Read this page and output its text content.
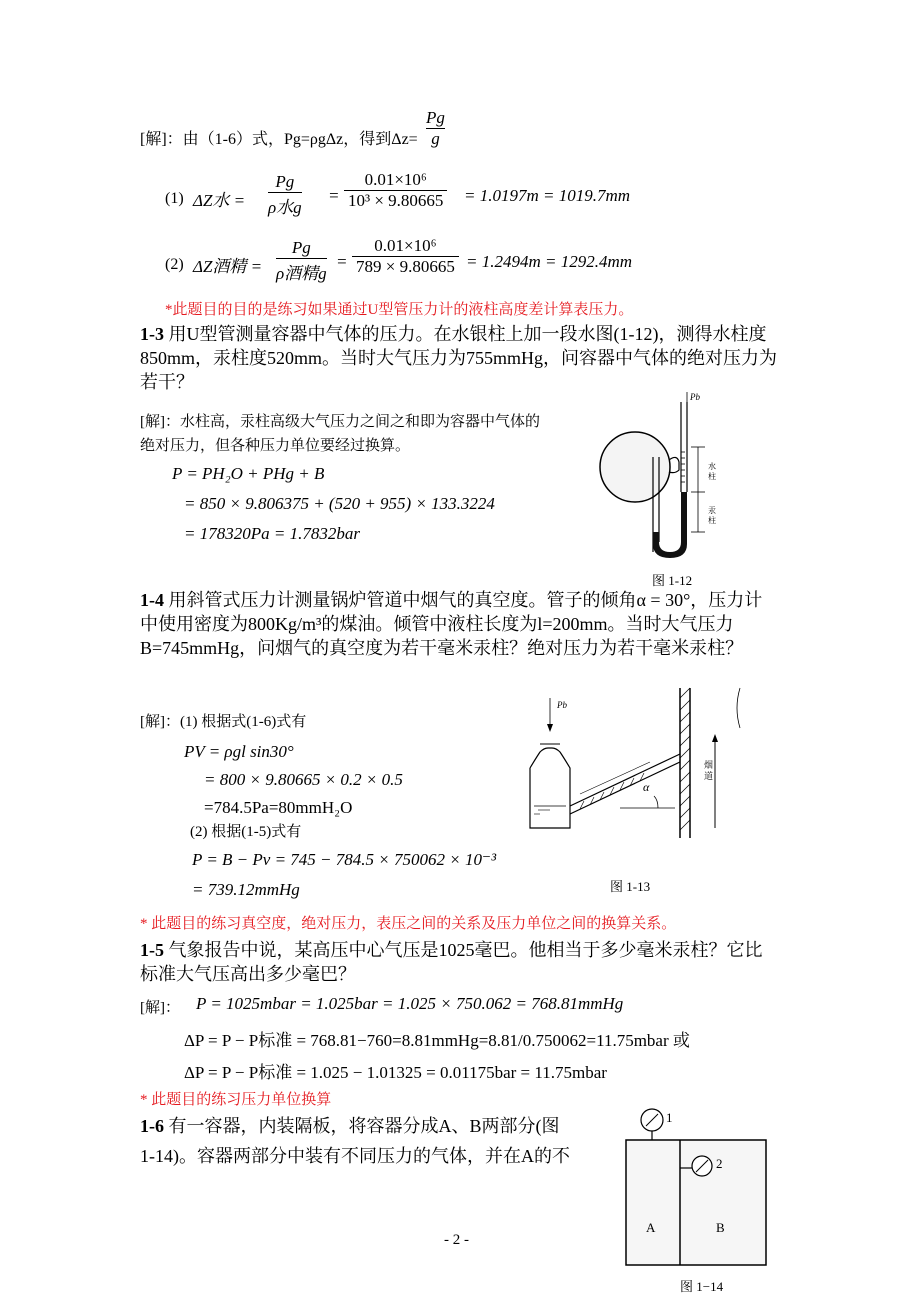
[解]：由（1-6）式，Pg=ρgΔz，得到$\Delta z= \frac{Pg}{g}$
(1) ΔZ水 =
Pg
ρ水g
= $\frac{\text{0.01×10⁶}}{\text{10³ × 9.80665}} = 1.0197m = 1019.7mm$
(2) ΔZ酒精 =
Pg
ρ酒精g
= $\frac{\text{0.01×10⁶}}{789 \times 9.80665} = 1.2494m = 1292.4mm$
*此题目的目的是练习如果通过U型管压力计的液柱高度差计算表压力。
1-3 用U型管测量容器中气体的压力。在水银柱上加一段水图(1-12)，测得水柱度850mm，汞柱度520mm。当时大气压力为755mmHg，问容器中气体的绝对压力为若干？
[解]：水柱高，汞柱高级大气压力之间之和即为容器中气体的
绝对压力，但各种压力单位要经过换算。
P = PH₂O + PHg + B
= 850 × 9.806375 + (520 + 955) × 133.3224
= 178320Pa = 1.7832bar
Pb
水柱
汞柱
图 1-12
1-4 用斜管式压力计测量锅炉管道中烟气的真空度。管子的倾角α = 30°，压力计中使用密度为800Kg/m³的煤油。倾管中液柱长度为l=200mm。当时大气压力B=745mmHg，问烟气的真空度为若干毫米汞柱？绝对压力为若干毫米汞柱？
[解]：(1) 根据式(1-6)式有
PV = ρgl sin30°
= 800 × 9.80665 × 0.2 × 0.5
=784.5Pa=80mmH₂O
(2) 根据(1-5)式有
P = B − Pv = 745 − 784.5 × 750062 × 10⁻³
= 739.12mmHg
Pb
α
烟道
图 1-13
* 此题目的练习真空度，绝对压力，表压之间的关系及压力单位之间的换算关系。
1-5 气象报告中说，某高压中心气压是1025毫巴。他相当于多少毫米汞柱？它比标准大气压高出多少毫巴？
[解]： P = 1025mbar = 1.025bar = 1.025 × 750.062 = 768.81mmHg
ΔP = P − P标准 = 768.81−760=8.81mmHg=8.81/0.750062=11.75mbar 或
ΔP = P − P标准 = 1.025 − 1.01325 = 0.01175bar = 11.75mbar
* 此题目的练习压力单位换算
1-6 有一容器，内装隔板，将容器分成A、B两部分(图
1-14)。容器两部分中装有不同压力的气体，并在A的不
1
2
A	B
图 1−14
- 2 -
